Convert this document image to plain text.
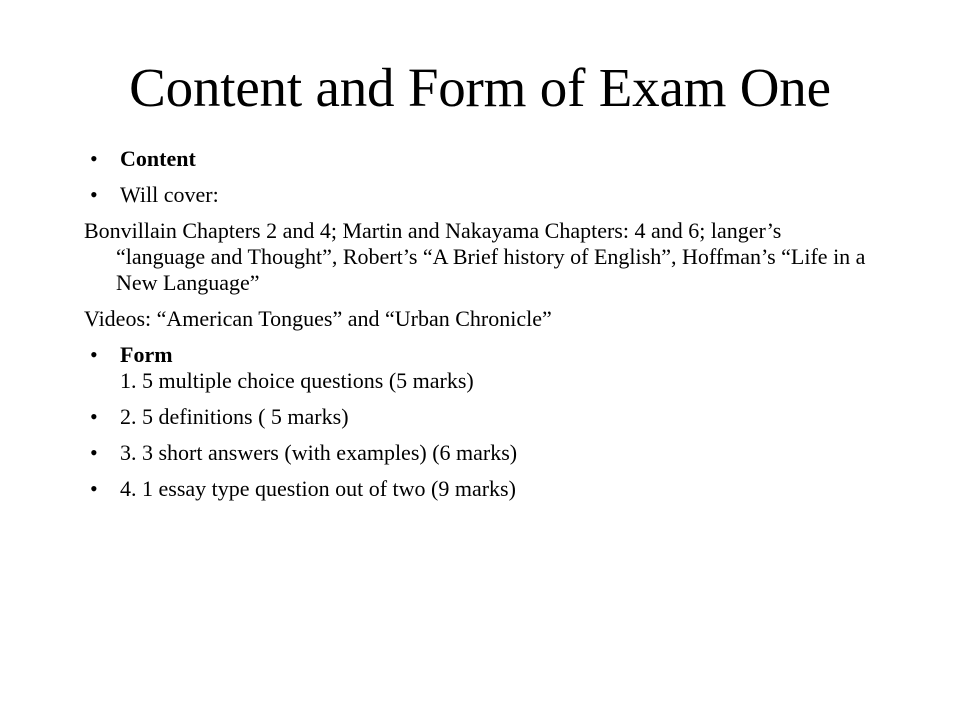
Content and Form of Exam One
•	Content
•	Will cover:
Bonvillain Chapters 2 and 4; Martin and Nakayama Chapters: 4 and 6; langer’s “language and Thought”, Robert’s “A Brief history of English”, Hoffman’s “Life in a New Language”
Videos: “American Tongues” and “Urban Chronicle”
•	Form
1. 5 multiple choice questions (5 marks)
•	2. 5 definitions ( 5 marks)
•	3. 3 short answers (with examples) (6 marks)
•	4. 1 essay type question out of two (9 marks)
